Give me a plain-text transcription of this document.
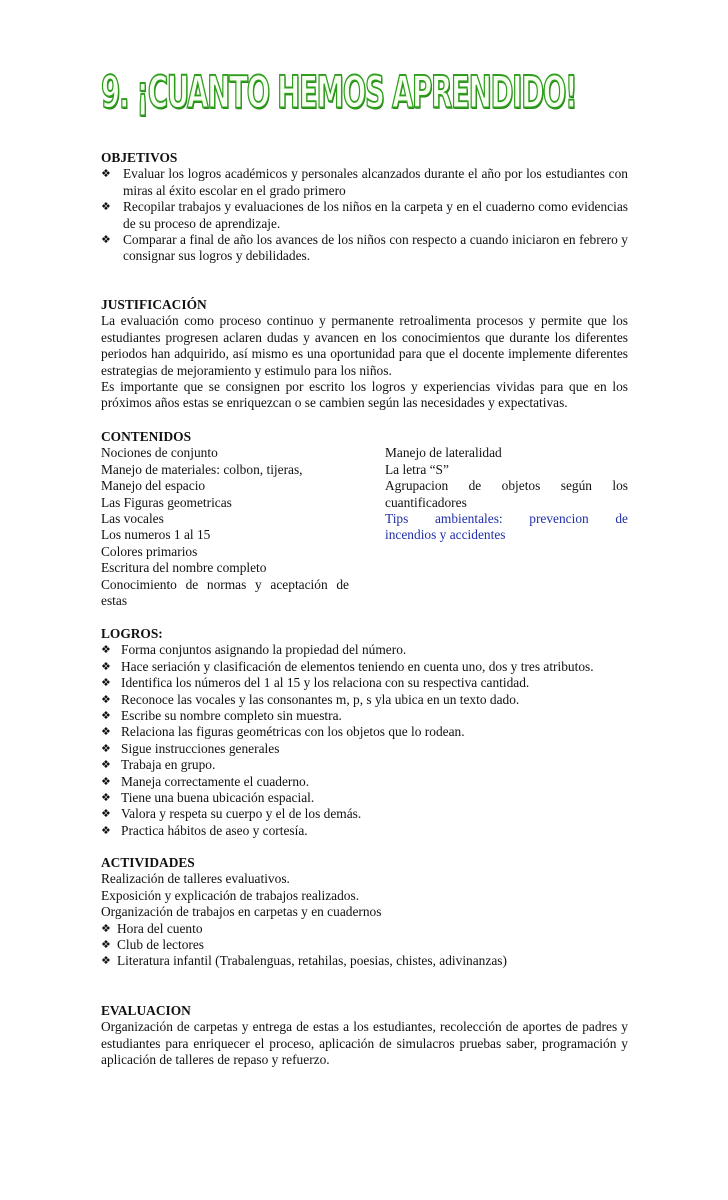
9. ¡CUANTO HEMOS APRENDIDO!
OBJETIVOS
❖ Evaluar los logros académicos y personales alcanzados durante el año por los estudiantes con miras al éxito escolar en el grado primero
❖ Recopilar trabajos y evaluaciones de los niños en la carpeta y en el cuaderno como evidencias de su proceso de aprendizaje.
❖ Comparar a final de año los avances de los niños con respecto a cuando iniciaron en febrero y consignar sus logros y debilidades.
JUSTIFICACIÓN
La evaluación como proceso continuo y permanente retroalimenta procesos y permite que los estudiantes progresen aclaren dudas y avancen en los conocimientos que durante los diferentes periodos han adquirido, así mismo es una oportunidad para que el docente implemente diferentes estrategias de mejoramiento y estimulo para los niños.
Es importante que se consignen por escrito los logros y experiencias vividas para que en los próximos años estas se enriquezcan o se cambien según las necesidades y expectativas.
CONTENIDOS
Nociones de conjunto
Manejo de materiales: colbon, tijeras,
Manejo del espacio
Las Figuras geometricas
Las vocales
Los numeros 1 al 15
Colores primarios
Escritura del nombre completo
Conocimiento de normas y aceptación de
estas
Manejo de lateralidad
La letra “S”
Agrupacion de objetos según los
cuantificadores
Tips ambientales: prevencion de
incendios y accidentes
LOGROS:
❖ Forma conjuntos asignando la propiedad del número.
❖ Hace seriación y clasificación de elementos teniendo en cuenta uno, dos y tres atributos.
❖ Identifica los números del 1 al 15 y los relaciona con su respectiva cantidad.
❖ Reconoce las vocales y las consonantes m, p, s yla ubica en un texto dado.
❖ Escribe su nombre completo sin muestra.
❖ Relaciona las figuras geométricas con los objetos que lo rodean.
❖ Sigue instrucciones generales
❖ Trabaja en grupo.
❖ Maneja correctamente el cuaderno.
❖ Tiene una buena ubicación espacial.
❖ Valora y respeta su cuerpo y el de los demás.
❖ Practica hábitos de aseo y cortesía.
ACTIVIDADES
Realización de talleres evaluativos.
Exposición y explicación de trabajos realizados.
Organización de trabajos en carpetas y en cuadernos
❖ Hora del cuento
❖ Club de lectores
❖ Literatura infantil (Trabalenguas, retahilas, poesias, chistes, adivinanzas)
EVALUACION
Organización de carpetas y entrega de estas a los estudiantes, recolección de aportes de padres y estudiantes para enriquecer el proceso, aplicación de simulacros pruebas saber, programación y aplicación de talleres de repaso y refuerzo.
